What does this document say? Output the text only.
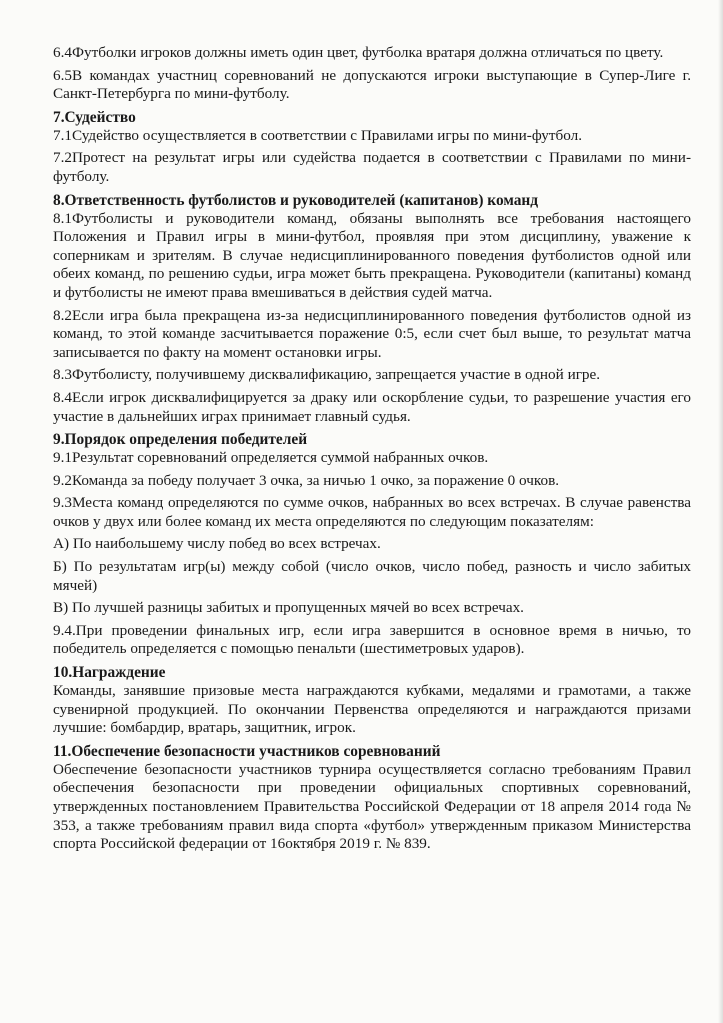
6.4Футболки игроков должны иметь один цвет, футболка вратаря должна отличаться по цвету.

6.5В командах участниц соревнований не допускаются игроки выступающие в Супер-Лиге г. Санкт-Петербурга по мини-футболу.

7.Судейство

7.1Судейство осуществляется в соответствии с Правилами игры по мини-футбол.

7.2Протест на результат игры или судейства подается в соответствии с Правилами по мини-футболу.

8.Ответственность футболистов и руководителей (капитанов) команд

8.1Футболисты и руководители команд, обязаны выполнять все требования настоящего Положения и Правил игры в мини-футбол, проявляя при этом дисциплину, уважение к соперникам и зрителям. В случае недисциплинированного поведения футболистов одной или обеих команд, по решению судьи, игра может быть прекращена. Руководители (капитаны) команд и футболисты не имеют права вмешиваться в действия судей матча.

8.2Если игра была прекращена из-за недисциплинированного поведения футболистов одной из команд, то этой команде засчитывается поражение 0:5, если счет был выше, то результат матча записывается по факту на момент остановки игры.

8.3Футболисту, получившему дисквалификацию, запрещается участие в одной игре.

8.4Если игрок дисквалифицируется за драку или оскорбление судьи, то разрешение участия его участие в дальнейших играх принимает главный судья.

9.Порядок определения победителей

9.1Результат соревнований определяется суммой набранных очков.

9.2Команда за победу получает 3 очка, за ничью 1 очко, за поражение 0 очков.

9.3Места команд определяются по сумме очков, набранных во всех встречах. В случае равенства очков у двух или более команд их места определяются по следующим показателям:

А) По наибольшему числу побед во всех встречах.

Б) По результатам игр(ы) между собой (число очков, число побед, разность и число забитых мячей)

В) По лучшей разницы забитых и пропущенных мячей во всех встречах.

9.4.При проведении финальных игр, если игра завершится в основное время в ничью, то победитель определяется с помощью пенальти (шестиметровых ударов).

10.Награждение

Команды, занявшие призовые места награждаются кубками, медалями и грамотами, а также сувенирной продукцией. По окончании Первенства определяются и награждаются призами лучшие: бомбардир, вратарь, защитник, игрок.

11.Обеспечение безопасности участников соревнований

Обеспечение безопасности участников турнира осуществляется согласно требованиям Правил обеспечения безопасности при проведении официальных спортивных соревнований, утвержденных постановлением Правительства Российской Федерации от 18 апреля 2014 года № 353, а также требованиям правил вида спорта «футбол» утвержденным приказом Министерства спорта Российской федерации от 16октября 2019 г. № 839.
